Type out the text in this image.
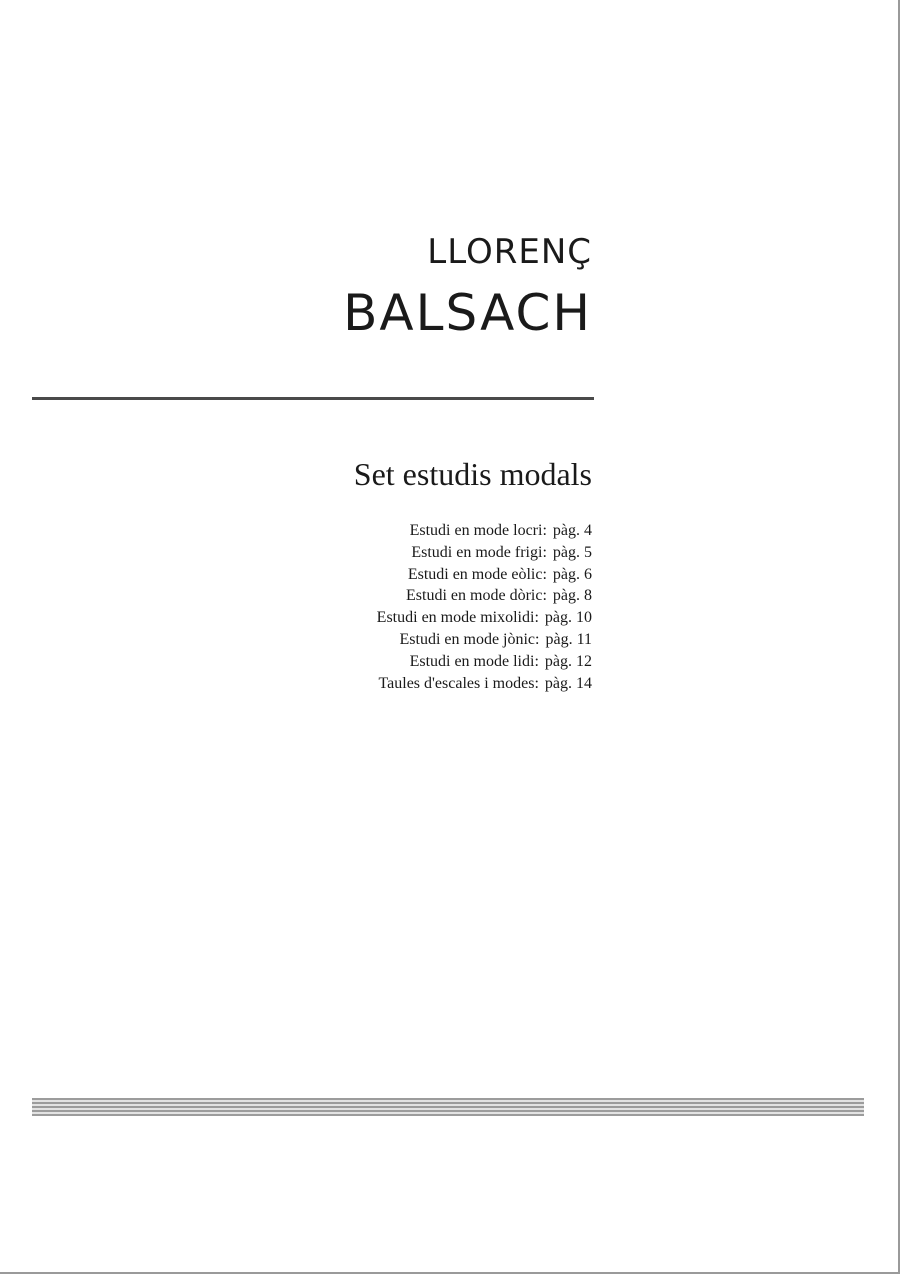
LLORENÇ
BALSACH
Set estudis modals
Estudi en mode locri: pàg. 4
Estudi en mode frigi: pàg. 5
Estudi en mode eòlic: pàg. 6
Estudi en mode dòric: pàg. 8
Estudi en mode mixolidi: pàg. 10
Estudi en mode jònic: pàg. 11
Estudi en mode lidi: pàg. 12
Taules d'escales i modes: pàg. 14
